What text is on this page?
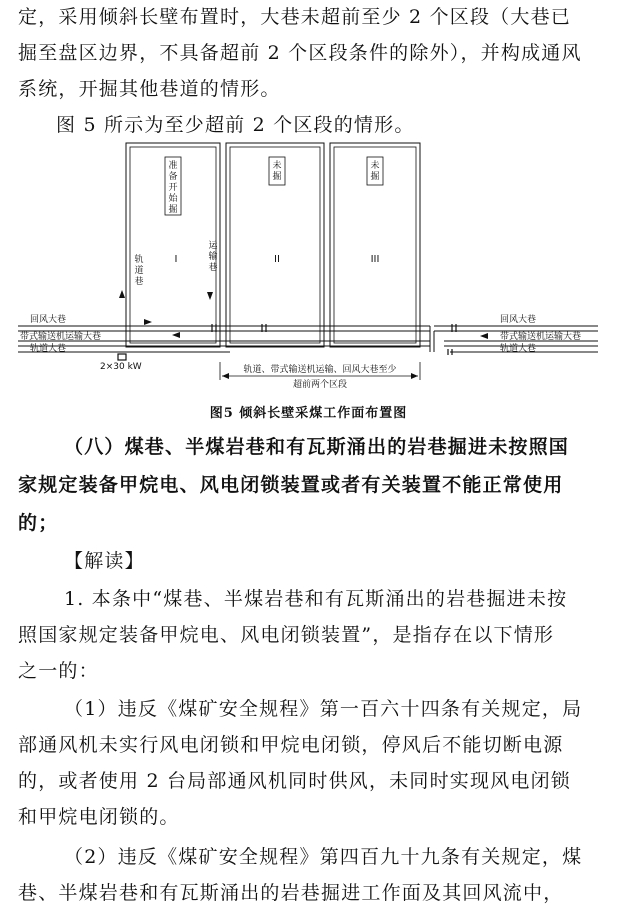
定，采用倾斜长壁布置时，大巷未超前至少 2 个区段（大巷已
掘至盘区边界，不具备超前 2 个区段条件的除外），并构成通风
系统，开掘其他巷道的情形。
图 5 所示为至少超前 2 个区段的情形。
准备开始掘
未掘
未掘
I	II	III
轨道巷
运输巷
回风大巷
带式输送机运输大巷
轨道大巷
回风大巷
带式输送机运输大巷
轨道大巷
2×30 kW	轨道、带式输送机运输、回风大巷至少
超前两个区段
图5 倾斜长壁采煤工作面布置图
（八）煤巷、半煤岩巷和有瓦斯涌出的岩巷掘进未按照国
家规定装备甲烷电、风电闭锁装置或者有关装置不能正常使用
的；
【解读】
1. 本条中“煤巷、半煤岩巷和有瓦斯涌出的岩巷掘进未按
照国家规定装备甲烷电、风电闭锁装置”，是指存在以下情形
之一的：
（1）违反《煤矿安全规程》第一百六十四条有关规定，局
部通风机未实行风电闭锁和甲烷电闭锁，停风后不能切断电源
的，或者使用 2 台局部通风机同时供风，未同时实现风电闭锁
和甲烷电闭锁的。
（2）违反《煤矿安全规程》第四百九十九条有关规定，煤
巷、半煤岩巷和有瓦斯涌出的岩巷掘进工作面及其回风流中，
